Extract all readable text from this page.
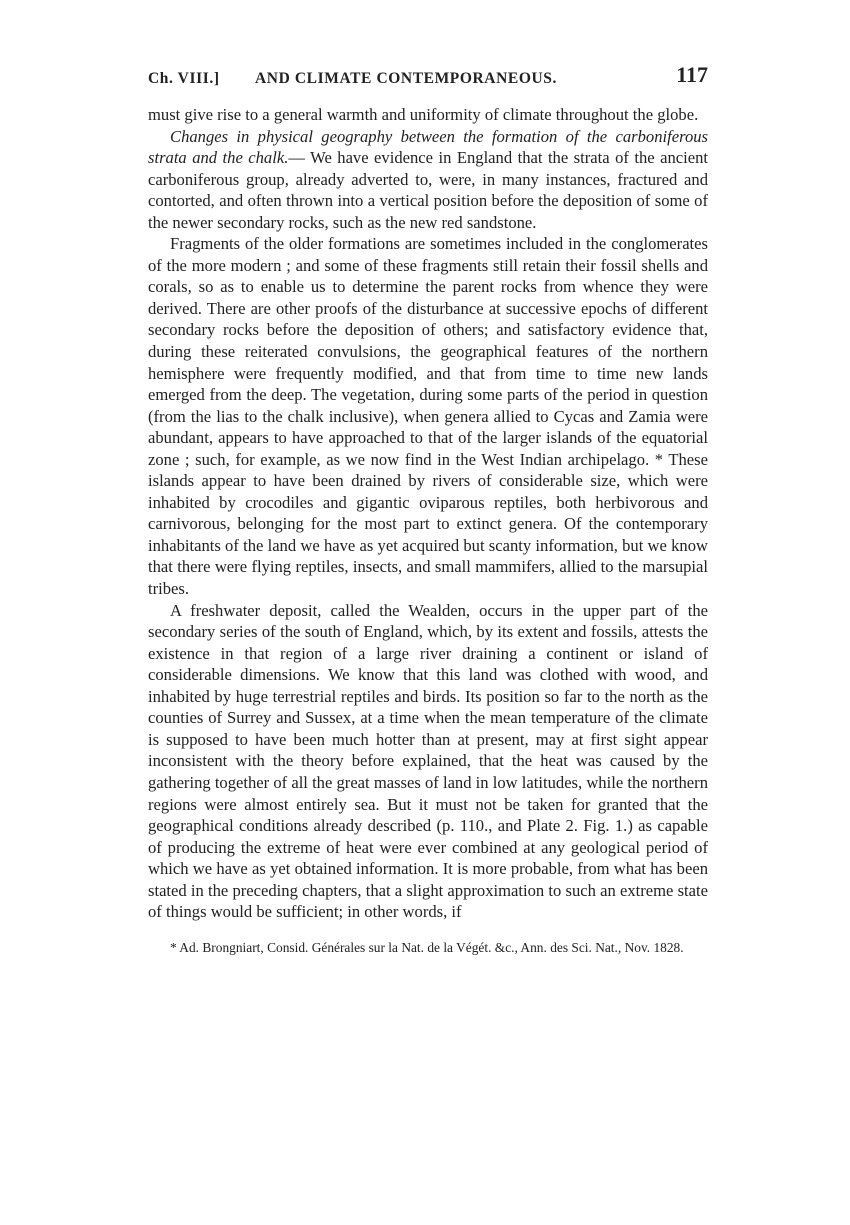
Ch. VIII.] AND CLIMATE CONTEMPORANEOUS.	117

must give rise to a general warmth and uniformity of climate throughout the globe.

Changes in physical geography between the formation of the carboniferous strata and the chalk.— We have evidence in England that the strata of the ancient carboniferous group, already adverted to, were, in many instances, fractured and contorted, and often thrown into a vertical position before the deposition of some of the newer secondary rocks, such as the new red sandstone.

Fragments of the older formations are sometimes included in the conglomerates of the more modern ; and some of these fragments still retain their fossil shells and corals, so as to enable us to determine the parent rocks from whence they were derived. There are other proofs of the disturbance at successive epochs of different secondary rocks before the deposition of others; and satisfactory evidence that, during these reiterated convulsions, the geographical features of the northern hemisphere were frequently modified, and that from time to time new lands emerged from the deep. The vegetation, during some parts of the period in question (from the lias to the chalk inclusive), when genera allied to Cycas and Zamia were abundant, appears to have approached to that of the larger islands of the equatorial zone ; such, for example, as we now find in the West Indian archipelago. * These islands appear to have been drained by rivers of considerable size, which were inhabited by crocodiles and gigantic oviparous reptiles, both herbivorous and carnivorous, belonging for the most part to extinct genera. Of the contemporary inhabitants of the land we have as yet acquired but scanty information, but we know that there were flying reptiles, insects, and small mammifers, allied to the marsupial tribes.

A freshwater deposit, called the Wealden, occurs in the upper part of the secondary series of the south of England, which, by its extent and fossils, attests the existence in that region of a large river draining a continent or island of considerable dimensions. We know that this land was clothed with wood, and inhabited by huge terrestrial reptiles and birds. Its position so far to the north as the counties of Surrey and Sussex, at a time when the mean temperature of the climate is supposed to have been much hotter than at present, may at first sight appear inconsistent with the theory before explained, that the heat was caused by the gathering together of all the great masses of land in low latitudes, while the northern regions were almost entirely sea. But it must not be taken for granted that the geographical conditions already described (p. 110., and Plate 2. Fig. 1.) as capable of producing the extreme of heat were ever combined at any geological period of which we have as yet obtained information. It is more probable, from what has been stated in the preceding chapters, that a slight approximation to such an extreme state of things would be sufficient; in other words, if

* Ad. Brongniart, Consid. Générales sur la Nat. de la Végét. &c., Ann. des Sci. Nat., Nov. 1828.
